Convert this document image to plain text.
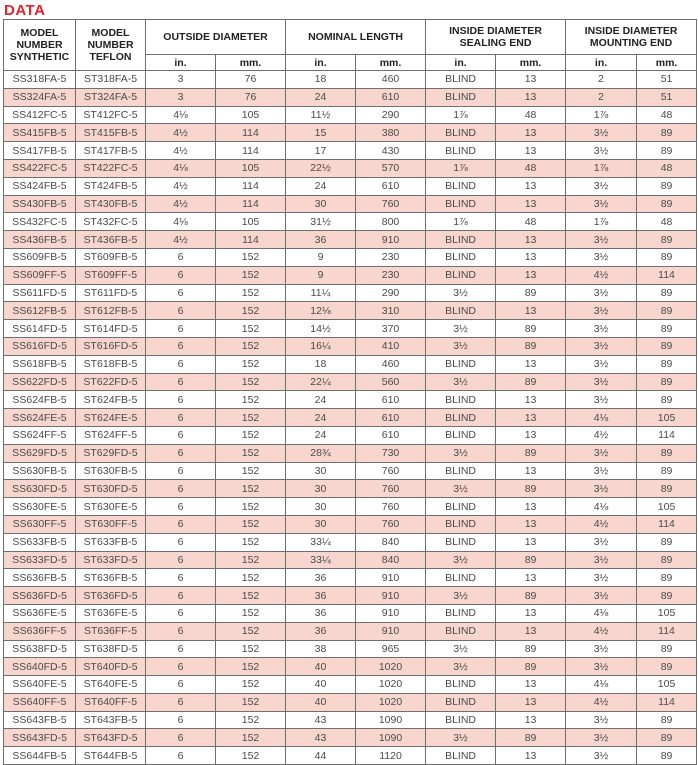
DATA
MODEL NUMBER SYNTHETIC	MODEL NUMBER TEFLON	OUTSIDE DIAMETER		NOMINAL LENGTH		INSIDE DIAMETER SEALING END		INSIDE DIAMETER MOUNTING END	
		in.	mm.	in.	mm.	in.	mm.	in.	mm.
SS318FA-5	ST318FA-5	3	76	18	460	BLIND	13	2	51
SS324FA-5	ST324FA-5	3	76	24	610	BLIND	13	2	51
SS412FC-5	ST412FC-5	4⅛	105	11½	290	1⅞	48	1⅞	48
SS415FB-5	ST415FB-5	4½	114	15	380	BLIND	13	3½	89
SS417FB-5	ST417FB-5	4½	114	17	430	BLIND	13	3½	89
SS422FC-5	ST422FC-5	4⅛	105	22½	570	1⅞	48	1⅞	48
SS424FB-5	ST424FB-5	4½	114	24	610	BLIND	13	3½	89
SS430FB-5	ST430FB-5	4½	114	30	760	BLIND	13	3½	89
SS432FC-5	ST432FC-5	4⅛	105	31½	800	1⅞	48	1⅞	48
SS436FB-5	ST436FB-5	4½	114	36	910	BLIND	13	3½	89
SS609FB-5	ST609FB-5	6	152	9	230	BLIND	13	3½	89
SS609FF-5	ST609FF-5	6	152	9	230	BLIND	13	4½	114
SS611FD-5	ST611FD-5	6	152	11¼	290	3½	89	3½	89
SS612FB-5	ST612FB-5	6	152	12⅛	310	BLIND	13	3½	89
SS614FD-5	ST614FD-5	6	152	14½	370	3½	89	3½	89
SS616FD-5	ST616FD-5	6	152	16¼	410	3½	89	3½	89
SS618FB-5	ST618FB-5	6	152	18	460	BLIND	13	3½	89
SS622FD-5	ST622FD-5	6	152	22¼	560	3½	89	3½	89
SS624FB-5	ST624FB-5	6	152	24	610	BLIND	13	3½	89
SS624FE-5	ST624FE-5	6	152	24	610	BLIND	13	4⅛	105
SS624FF-5	ST624FF-5	6	152	24	610	BLIND	13	4½	114
SS629FD-5	ST629FD-5	6	152	28¾	730	3½	89	3½	89
SS630FB-5	ST630FB-5	6	152	30	760	BLIND	13	3½	89
SS630FD-5	ST630FD-5	6	152	30	760	3½	89	3½	89
SS630FE-5	ST630FE-5	6	152	30	760	BLIND	13	4⅛	105
SS630FF-5	ST630FF-5	6	152	30	760	BLIND	13	4½	114
SS633FB-5	ST633FB-5	6	152	33¼	840	BLIND	13	3½	89
SS633FD-5	ST633FD-5	6	152	33¼	840	3½	89	3½	89
SS636FB-5	ST636FB-5	6	152	36	910	BLIND	13	3½	89
SS636FD-5	ST636FD-5	6	152	36	910	3½	89	3½	89
SS636FE-5	ST636FE-5	6	152	36	910	BLIND	13	4⅛	105
SS636FF-5	ST636FF-5	6	152	36	910	BLIND	13	4½	114
SS638FD-5	ST638FD-5	6	152	38	965	3½	89	3½	89
SS640FD-5	ST640FD-5	6	152	40	1020	3½	89	3½	89
SS640FE-5	ST640FE-5	6	152	40	1020	BLIND	13	4⅛	105
SS640FF-5	ST640FF-5	6	152	40	1020	BLIND	13	4½	114
SS643FB-5	ST643FB-5	6	152	43	1090	BLIND	13	3½	89
SS643FD-5	ST643FD-5	6	152	43	1090	3½	89	3½	89
SS644FB-5	ST644FB-5	6	152	44	1120	BLIND	13	3½	89
